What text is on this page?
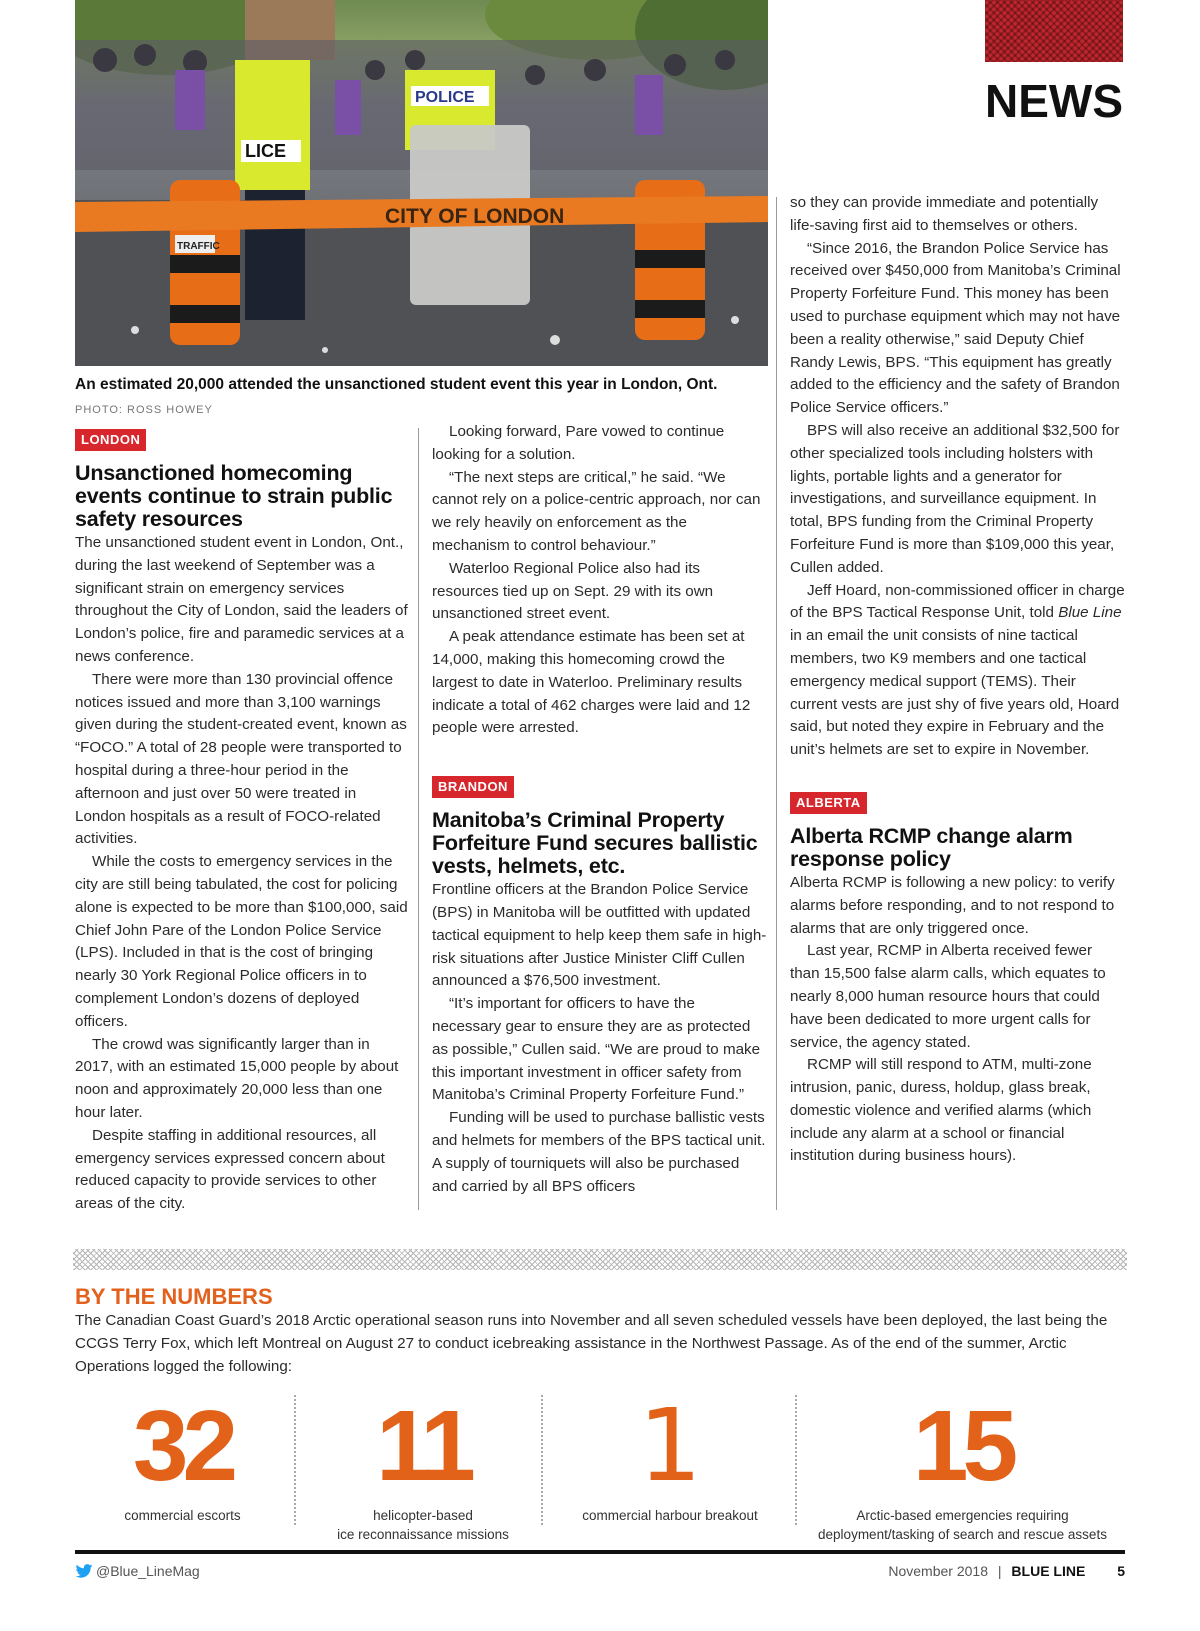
LICE
POLICE
TRAFFIC
CITY OF LONDON
NEWS
An estimated 20,000 attended the unsanctioned student event this year in London, Ont.
PHOTO: ROSS HOWEY
LONDON
Unsanctioned homecoming events continue to strain public safety resources

The unsanctioned student event in London, Ont., during the last weekend of September was a significant strain on emergency services throughout the City of London, said the leaders of London’s police, fire and paramedic services at a news conference.

There were more than 130 provincial offence notices issued and more than 3,100 warnings given during the student-created event, known as “FOCO.” A total of 28 people were transported to hospital during a three-hour period in the afternoon and just over 50 were treated in London hospitals as a result of FOCO-related activities.

While the costs to emergency services in the city are still being tabulated, the cost for policing alone is expected to be more than $100,000, said Chief John Pare of the London Police Service (LPS). Included in that is the cost of bringing nearly 30 York Regional Police officers in to complement London’s dozens of deployed officers.

The crowd was significantly larger than in 2017, with an estimated 15,000 people by about noon and approximately 20,000 less than one hour later.

Despite staffing in additional resources, all emergency services expressed concern about reduced capacity to provide services to other areas of the city.

Looking forward, Pare vowed to continue looking for a solution.

“The next steps are critical,” he said. “We cannot rely on a police-centric approach, nor can we rely heavily on enforcement as the mechanism to control behaviour.”

Waterloo Regional Police also had its resources tied up on Sept. 29 with its own unsanctioned street event.

A peak attendance estimate has been set at 14,000, making this homecoming crowd the largest to date in Waterloo. Preliminary results indicate a total of 462 charges were laid and 12 people were arrested.

BRANDON
Manitoba’s Criminal Property Forfeiture Fund secures ballistic vests, helmets, etc.

Frontline officers at the Brandon Police Service (BPS) in Manitoba will be outfitted with updated tactical equipment to help keep them safe in high-risk situations after Justice Minister Cliff Cullen announced a $76,500 investment.

“It’s important for officers to have the necessary gear to ensure they are as protected as possible,” Cullen said. “We are proud to make this important investment in officer safety from Manitoba’s Criminal Property Forfeiture Fund.”

Funding will be used to purchase ballistic vests and helmets for members of the BPS tactical unit. A supply of tourniquets will also be purchased and carried by all BPS officers

so they can provide immediate and potentially life-saving first aid to themselves or others.

“Since 2016, the Brandon Police Service has received over $450,000 from Manitoba’s Criminal Property Forfeiture Fund. This money has been used to purchase equipment which may not have been a reality otherwise,” said Deputy Chief Randy Lewis, BPS. “This equipment has greatly added to the efficiency and the safety of Brandon Police Service officers.”

BPS will also receive an additional $32,500 for other specialized tools including holsters with lights, portable lights and a generator for investigations, and surveillance equipment. In total, BPS funding from the Criminal Property Forfeiture Fund is more than $109,000 this year, Cullen added.

Jeff Hoard, non-commissioned officer in charge of the BPS Tactical Response Unit, told Blue Line in an email the unit consists of nine tactical members, two K9 members and one tactical emergency medical support (TEMS). Their current vests are just shy of five years old, Hoard said, but noted they expire in February and the unit’s helmets are set to expire in November.

ALBERTA
Alberta RCMP change alarm response policy

Alberta RCMP is following a new policy: to verify alarms before responding, and to not respond to alarms that are only triggered once.

Last year, RCMP in Alberta received fewer than 15,500 false alarm calls, which equates to nearly 8,000 human resource hours that could have been dedicated to more urgent calls for service, the agency stated.

RCMP will still respond to ATM, multi-zone intrusion, panic, duress, holdup, glass break, domestic violence and verified alarms (which include any alarm at a school or financial institution during business hours).

BY THE NUMBERS
The Canadian Coast Guard’s 2018 Arctic operational season runs into November and all seven scheduled vessels have been deployed, the last being the CCGS Terry Fox, which left Montreal on August 27 to conduct icebreaking assistance in the Northwest Passage. As of the end of the summer, Arctic Operations logged the following:
32
commercial escorts

11
helicopter-based
ice reconnaissance missions
1
commercial harbour breakout

15
Arctic-based emergencies requiring
deployment/tasking of search and rescue assets
@Blue_LineMag	November 2018 | BLUE LINE 5
